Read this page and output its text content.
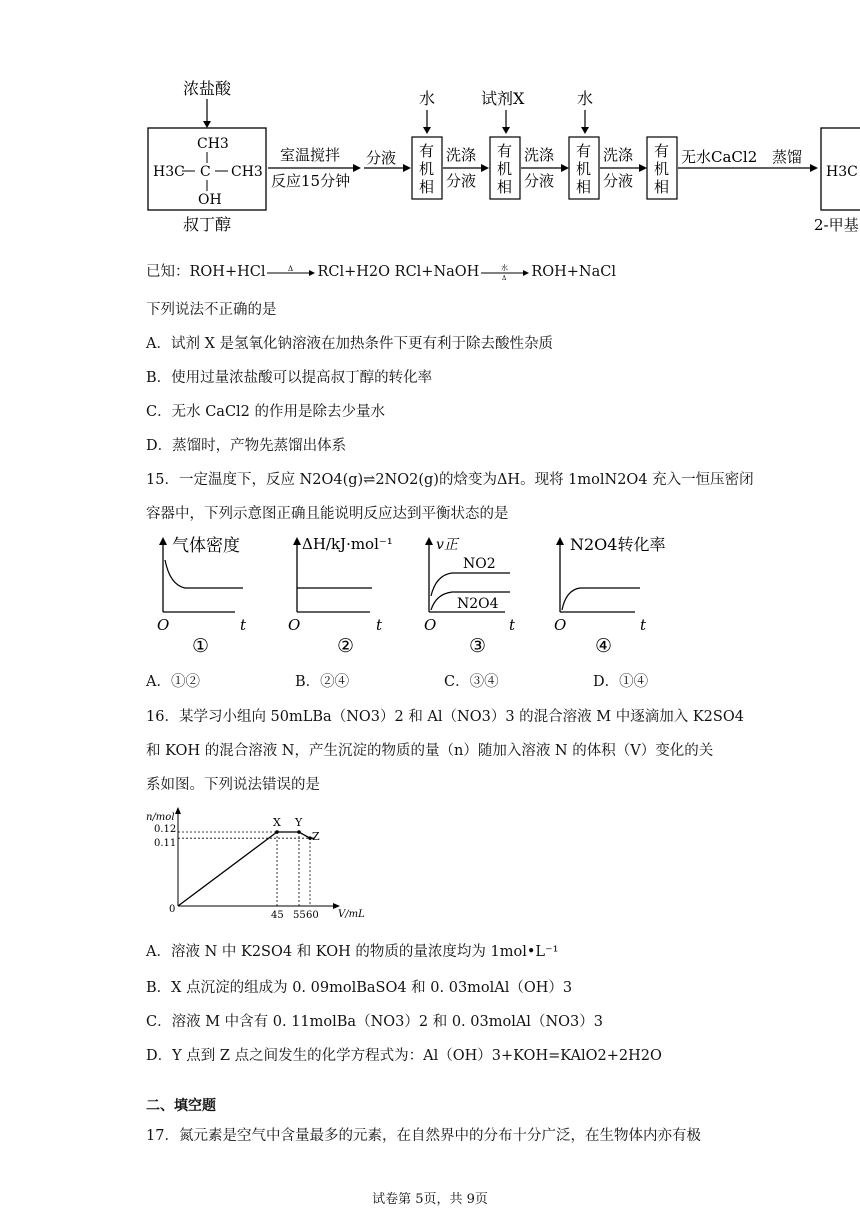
浓盐酸
水	试剂X	水
CH3
H3C C CH3
OH
叔丁醇
室温搅拌
反应15分钟
分液 有
机
相
洗涤
分液
有
机
相
洗涤
分液
有
机
相
洗涤
分液
有
机
相
无水CaCl2 蒸馏
H3C
2-甲基
已知：ROH+HCl	Δ RCl+H2O RCl+NaOH	水
Δ ROH+NaCl
下列说法不正确的是
A．试剂 X 是氢氧化钠溶液在加热条件下更有利于除去酸性杂质
B．使用过量浓盐酸可以提高叔丁醇的转化率
C．无水 CaCl2 的作用是除去少量水
D．蒸馏时，产物先蒸馏出体系
15．一定温度下，反应 N2O4(g)⇌2NO2(g)的焓变为ΔH。现将 1molN2O4 充入一恒压密闭
容器中，下列示意图正确且能说明反应达到平衡状态的是
气体密度
O	t
①
ΔH/kJ·mol⁻¹
O	t
②
v正
NO2
N2O4
O	t
③
N2O4转化率
O	t
④
A．①②	B．②④	C．③④	D．①④
16．某学习小组向 50mLBa（NO3）2 和 Al（NO3）3 的混合溶液 M 中逐滴加入 K2SO4
和 KOH 的混合溶液 N，产生沉淀的物质的量（n）随加入溶液 N 的体积（V）变化的关
系如图。下列说法错误的是
n/mol
V/mL
0
X Y
Z
0.12
0.11
45 55 60
A．溶液 N 中 K2SO4 和 KOH 的物质的量浓度均为 1mol•L⁻¹
B．X 点沉淀的组成为 0. 09molBaSO4 和 0. 03molAl（OH）3
C．溶液 M 中含有 0. 11molBa（NO3）2 和 0. 03molAl（NO3）3
D．Y 点到 Z 点之间发生的化学方程式为：Al（OH）3+KOH=KAlO2+2H2O
二、填空题
17．氮元素是空气中含量最多的元素，在自然界中的分布十分广泛，在生物体内亦有极
试卷第 5页，共 9页
